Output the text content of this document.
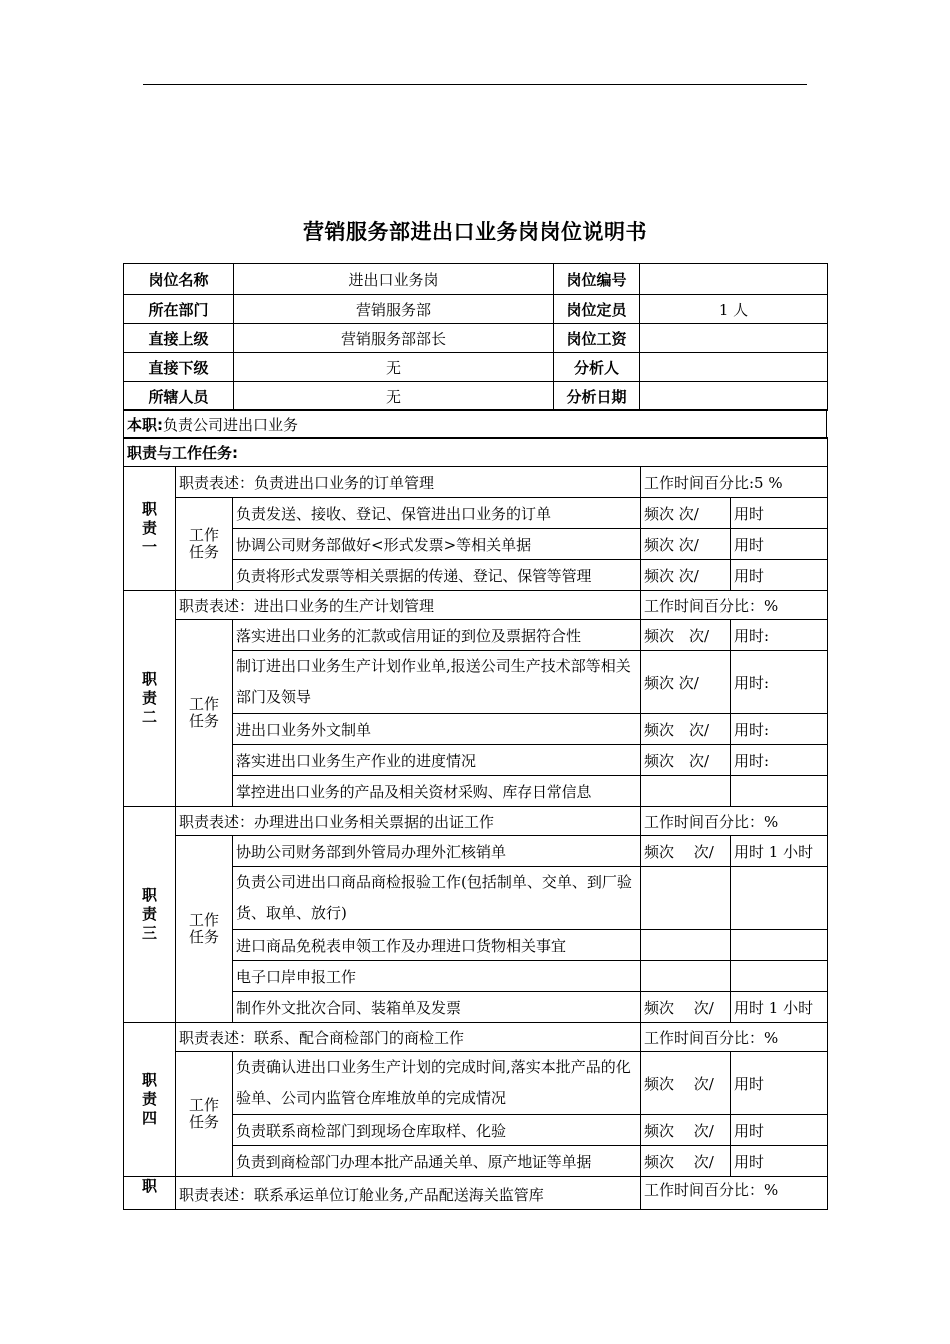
营销服务部进出口业务岗岗位说明书
岗位名称	进出口业务岗	岗位编号	
所在部门	营销服务部	岗位定员	1 人
直接上级	营销服务部部长	岗位工资	
直接下级	无	分析人	
所辖人员	无	分析日期	
本职:负责公司进出口业务
职责与工作任务:				

职
责
一	职责表述：负责进出口业务的订单管理		工作时间百分比:5 %	

	工作
任务	负责发送、接收、登记、保管进出口业务的订单	频次 次/	用时
		协调公司财务部做好<形式发票>等相关单据	频次 次/	用时
		负责将形式发票等相关票据的传递、登记、保管等管理	频次 次/	用时

职
责
二	职责表述：进出口业务的生产计划管理		工作时间百分比：%	

	工作
任务	落实进出口业务的汇款或信用证的到位及票据符合性	频次　次/	用时:
		制订进出口业务生产计划作业单,报送公司生产技术部等相关部门及领导	频次 次/	用时:
		进出口业务外文制单	频次　次/	用时:
		落实进出口业务生产作业的进度情况	频次　次/	用时:
		掌控进出口业务的产品及相关资材采购、库存日常信息		

职
责
三	职责表述：办理进出口业务相关票据的出证工作		工作时间百分比：%	

	工作
任务	协助公司财务部到外管局办理外汇核销单	频次　 次/	用时 1 小时
		负责公司进出口商品商检报验工作(包括制单、交单、到厂验货、取单、放行)		
		进口商品免税表申领工作及办理进口货物相关事宜		
		电子口岸申报工作		
		制作外文批次合同、装箱单及发票	频次　 次/	用时 1 小时

职
责
四	职责表述：联系、配合商检部门的商检工作		工作时间百分比：%	

	工作
任务	负责确认进出口业务生产计划的完成时间,落实本批产品的化验单、公司内监管仓库堆放单的完成情况	频次　 次/	用时
		负责联系商检部门到现场仓库取样、化验	频次　 次/	用时
		负责到商检部门办理本批产品通关单、原产地证等单据	频次　 次/	用时
职	职责表述：联系承运单位订舱业务,产品配送海关监管库		工作时间百分比：%	
